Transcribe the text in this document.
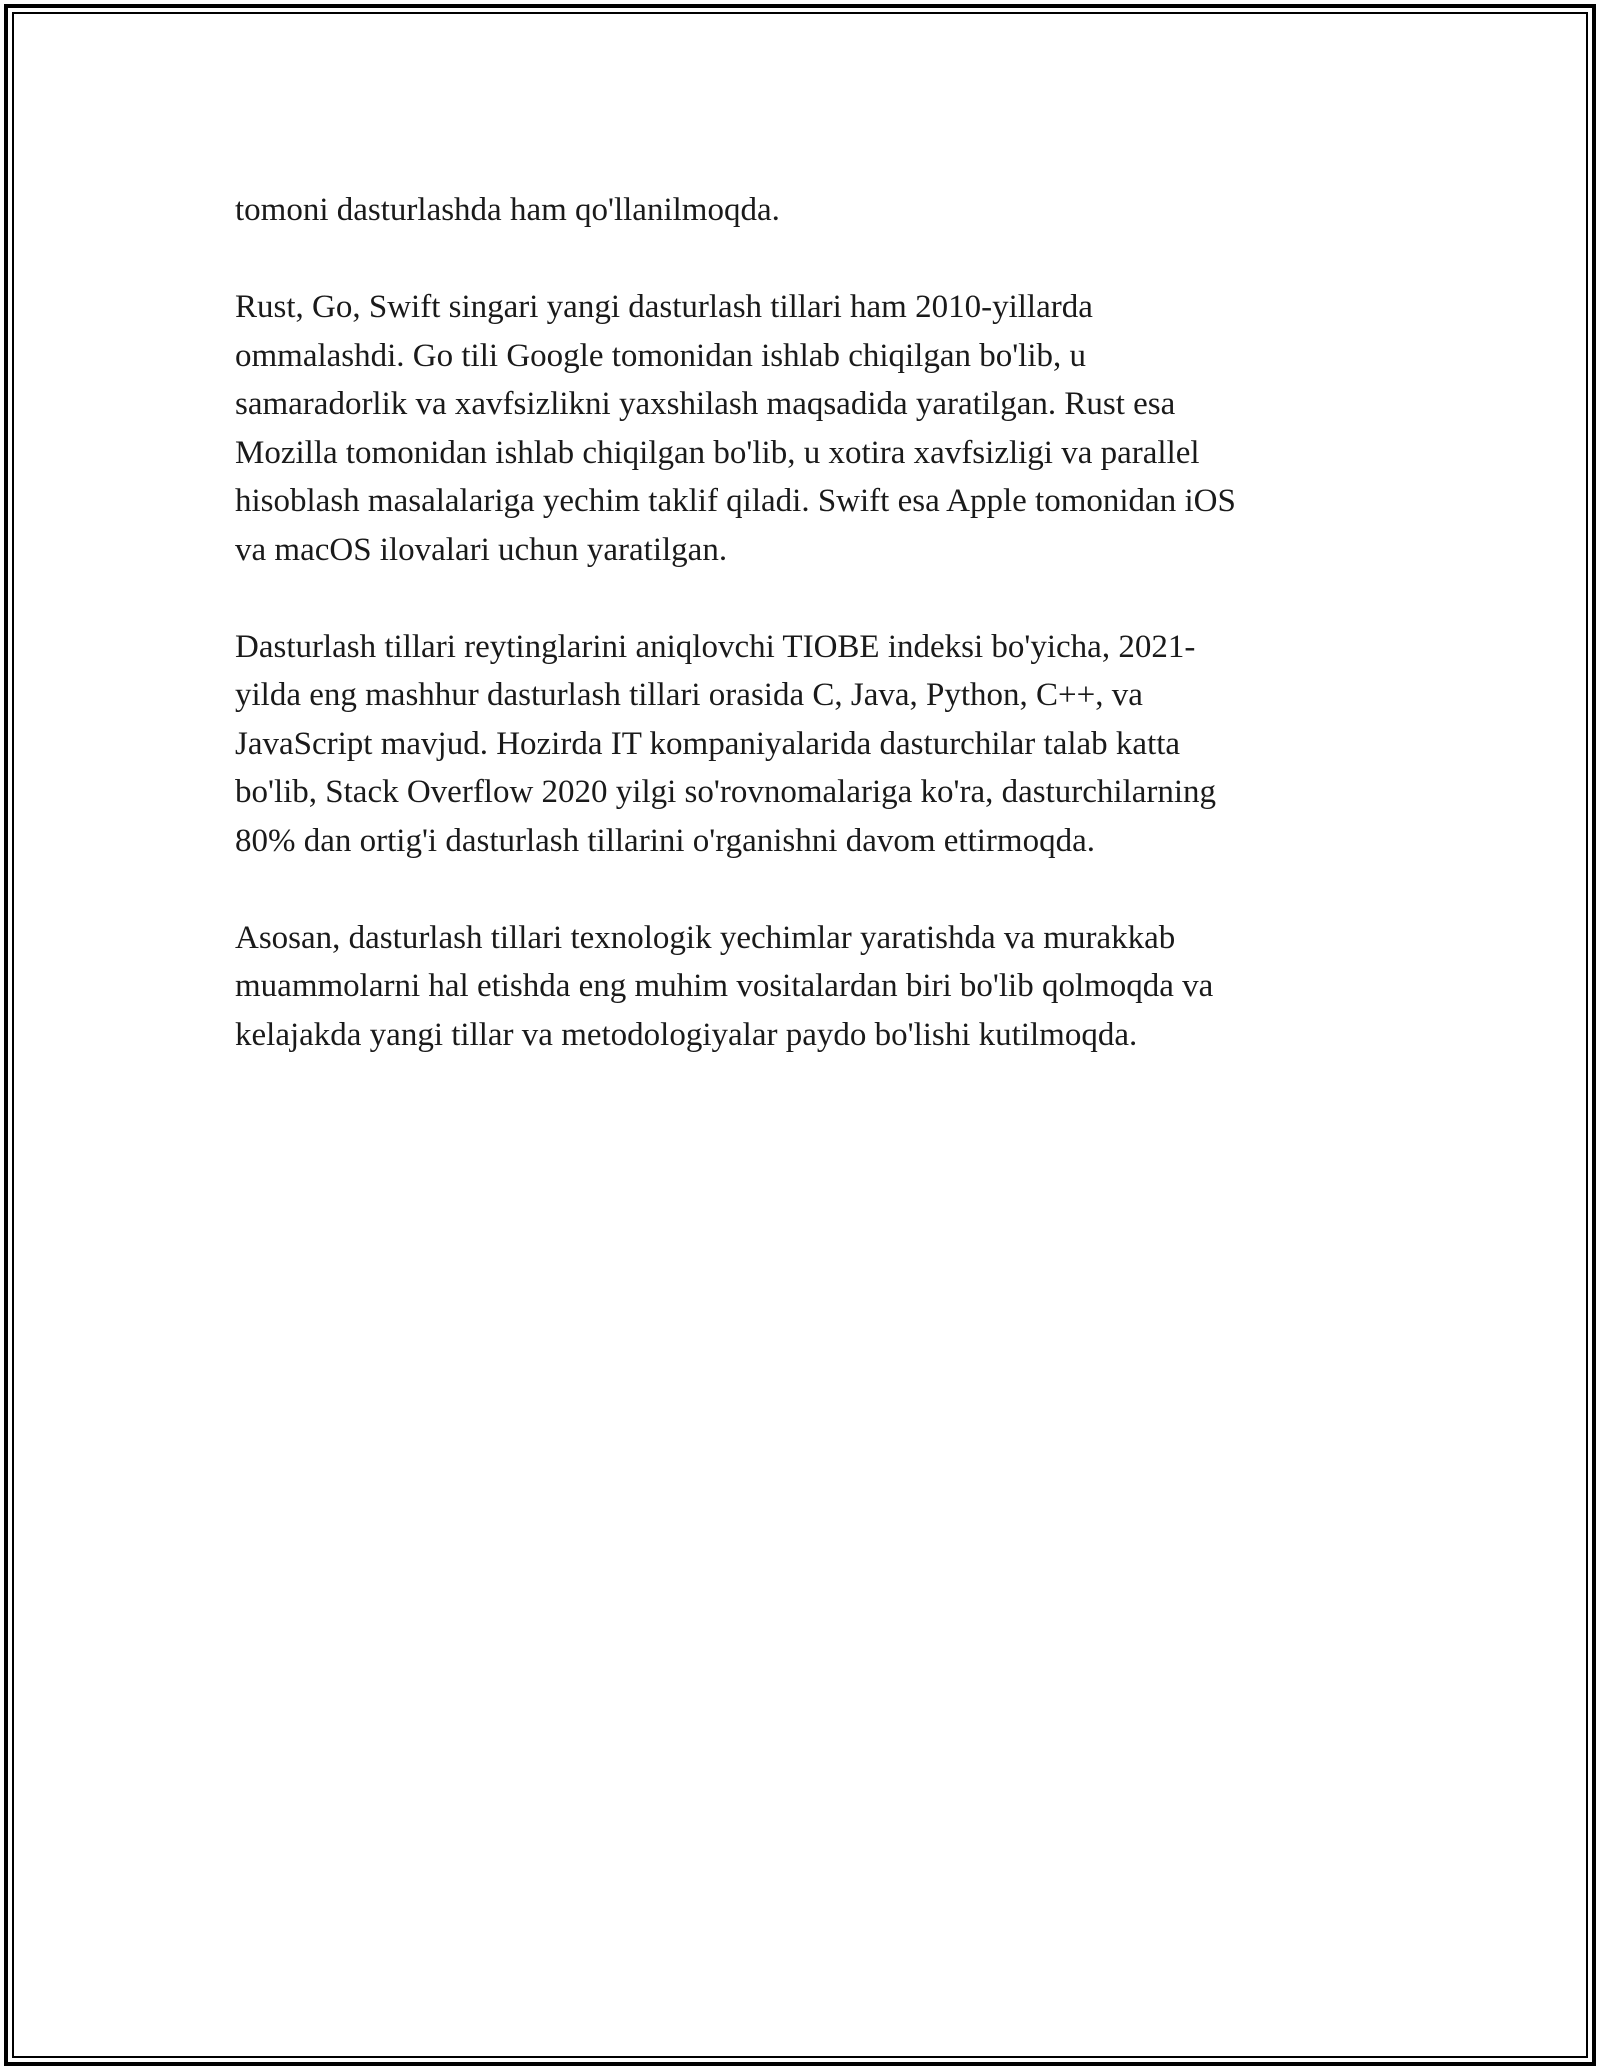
tomoni dasturlashda ham qo'llanilmoqda.

Rust, Go, Swift singari yangi dasturlash tillari ham 2010-yillarda
ommalashdi. Go tili Google tomonidan ishlab chiqilgan bo'lib, u
samaradorlik va xavfsizlikni yaxshilash maqsadida yaratilgan. Rust esa
Mozilla tomonidan ishlab chiqilgan bo'lib, u xotira xavfsizligi va parallel
hisoblash masalalariga yechim taklif qiladi. Swift esa Apple tomonidan iOS
va macOS ilovalari uchun yaratilgan.

Dasturlash tillari reytinglarini aniqlovchi TIOBE indeksi bo'yicha, 2021-
yilda eng mashhur dasturlash tillari orasida C, Java, Python, C++, va
JavaScript mavjud. Hozirda IT kompaniyalarida dasturchilar talab katta
bo'lib, Stack Overflow 2020 yilgi so'rovnomalariga ko'ra, dasturchilarning
80% dan ortig'i dasturlash tillarini o'rganishni davom ettirmoqda.

Asosan, dasturlash tillari texnologik yechimlar yaratishda va murakkab
muammolarni hal etishda eng muhim vositalardan biri bo'lib qolmoqda va
kelajakda yangi tillar va metodologiyalar paydo bo'lishi kutilmoqda.
